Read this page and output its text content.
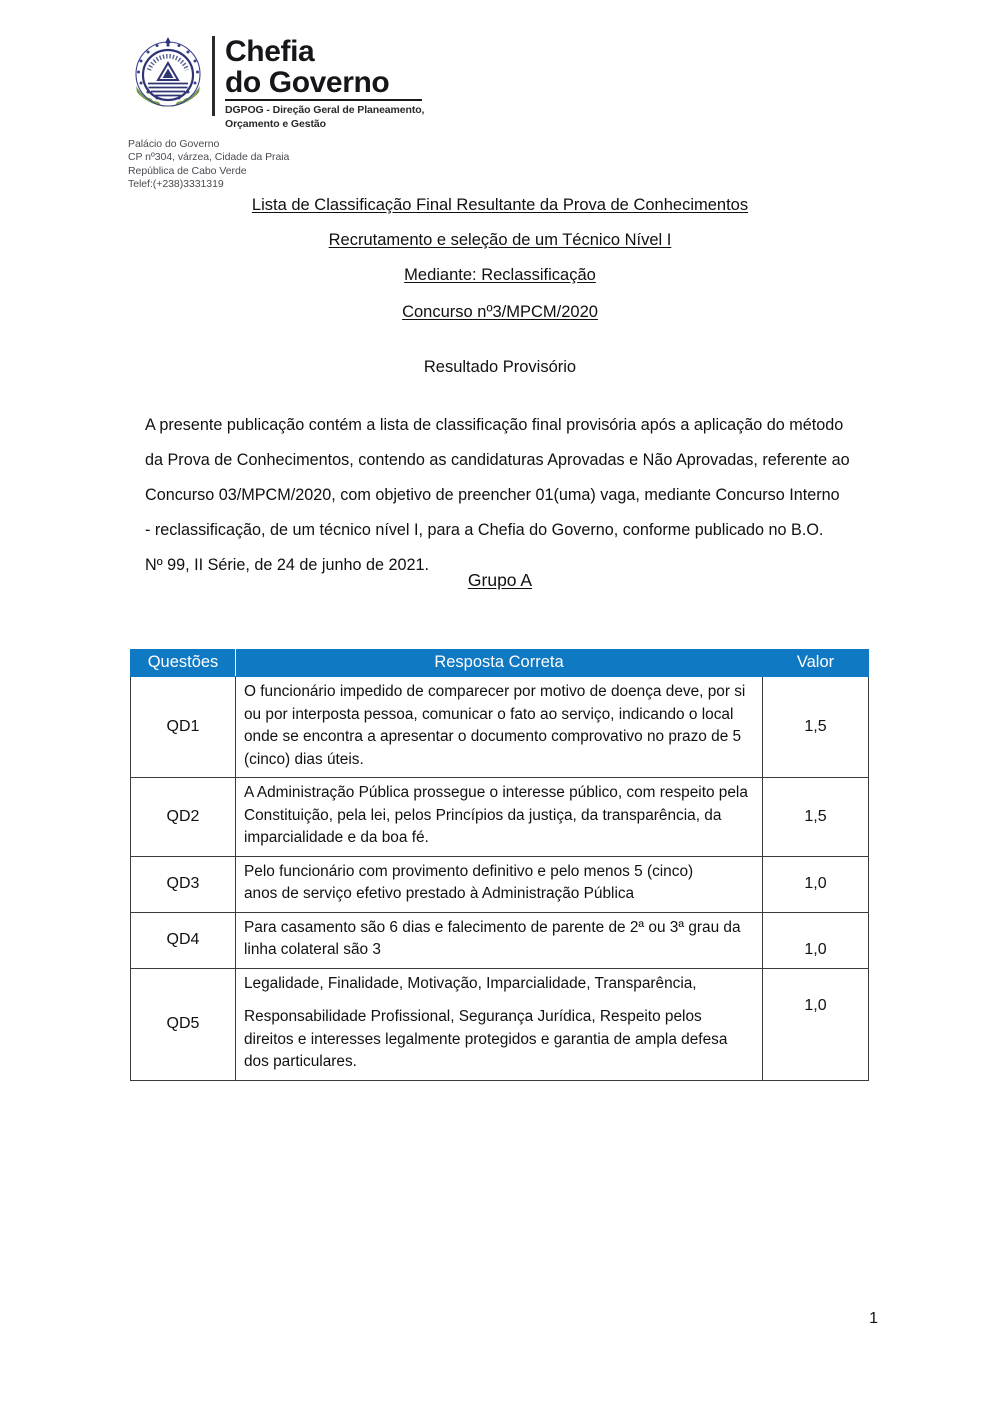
Chefia
do Governo
DGPOG - Direção Geral de Planeamento,
Orçamento e Gestão
Palácio do Governo
CP nº304, várzea, Cidade da Praia
República de Cabo Verde
Telef:(+238)3331319
Lista de Classificação Final Resultante da Prova de Conhecimentos
Recrutamento e seleção de um Técnico Nível I
Mediante: Reclassificação
Concurso nº3/MPCM/2020
Resultado Provisório
A presente publicação contém a lista de classificação final provisória após a aplicação do método
da Prova de Conhecimentos, contendo as candidaturas Aprovadas e Não Aprovadas, referente ao
Concurso 03/MPCM/2020, com objetivo de preencher 01(uma) vaga, mediante Concurso Interno
- reclassificação, de um técnico nível I, para a Chefia do Governo, conforme publicado no B.O.
Nº 99, II Série, de 24 de junho de 2021.
Grupo A
Questões	Resposta Correta	Valor
QD1	O funcionário impedido de comparecer por motivo de doença deve, por si ou por interposta pessoa, comunicar o fato ao serviço, indicando o local onde se encontra a apresentar o documento comprovativo no prazo de 5 (cinco) dias úteis.	1,5
QD2	A Administração Pública prossegue o interesse público, com respeito pela Constituição, pela lei, pelos Princípios da justiça, da transparência, da imparcialidade e da boa fé.	1,5
QD3	Pelo funcionário com provimento definitivo e pelo menos 5 (cinco)

anos de serviço efetivo prestado à Administração Pública	1,0
QD4	Para casamento são 6 dias e falecimento de parente de 2ª ou 3ª grau da linha colateral são 3	1,0
QD5	Legalidade, Finalidade, Motivação, Imparcialidade, Transparência,

Responsabilidade Profissional, Segurança Jurídica, Respeito pelos direitos e interesses legalmente protegidos e garantia de ampla defesa dos particulares.	1,0
1
